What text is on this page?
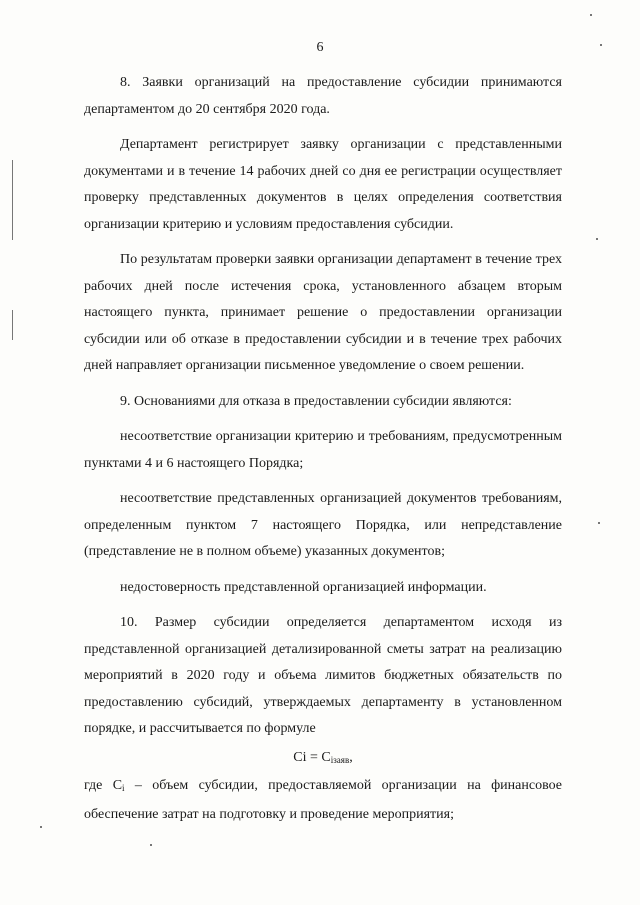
6

8. Заявки организаций на предоставление субсидии принимаются департаментом до 20 сентября 2020 года.

Департамент регистрирует заявку организации с представленными документами и в течение 14 рабочих дней со дня ее регистрации осуществляет проверку представленных документов в целях определения соответствия организации критерию и условиям предоставления субсидии.

По результатам проверки заявки организации департамент в течение трех рабочих дней после истечения срока, установленного абзацем вторым настоящего пункта, принимает решение о предоставлении организации субсидии или об отказе в предоставлении субсидии и в течение трех рабочих дней направляет организации письменное уведомление о своем решении.

9. Основаниями для отказа в предоставлении субсидии являются:

несоответствие организации критерию и требованиям, предусмотренным пунктами 4 и 6 настоящего Порядка;

несоответствие представленных организацией документов требованиям, определенным пунктом 7 настоящего Порядка, или непредставление (представление не в полном объеме) указанных документов;

недостоверность представленной организацией информации.

10. Размер субсидии определяется департаментом исходя из представленной организацией детализированной сметы затрат на реализацию мероприятий в 2020 году и объема лимитов бюджетных обязательств по предоставлению субсидий, утверждаемых департаменту в установленном порядке, и рассчитывается по формуле

$Ci = C_{iзаяв}$,

где $C_i$ – объем субсидии, предоставляемой организации на финансовое обеспечение затрат на подготовку и проведение мероприятия;
